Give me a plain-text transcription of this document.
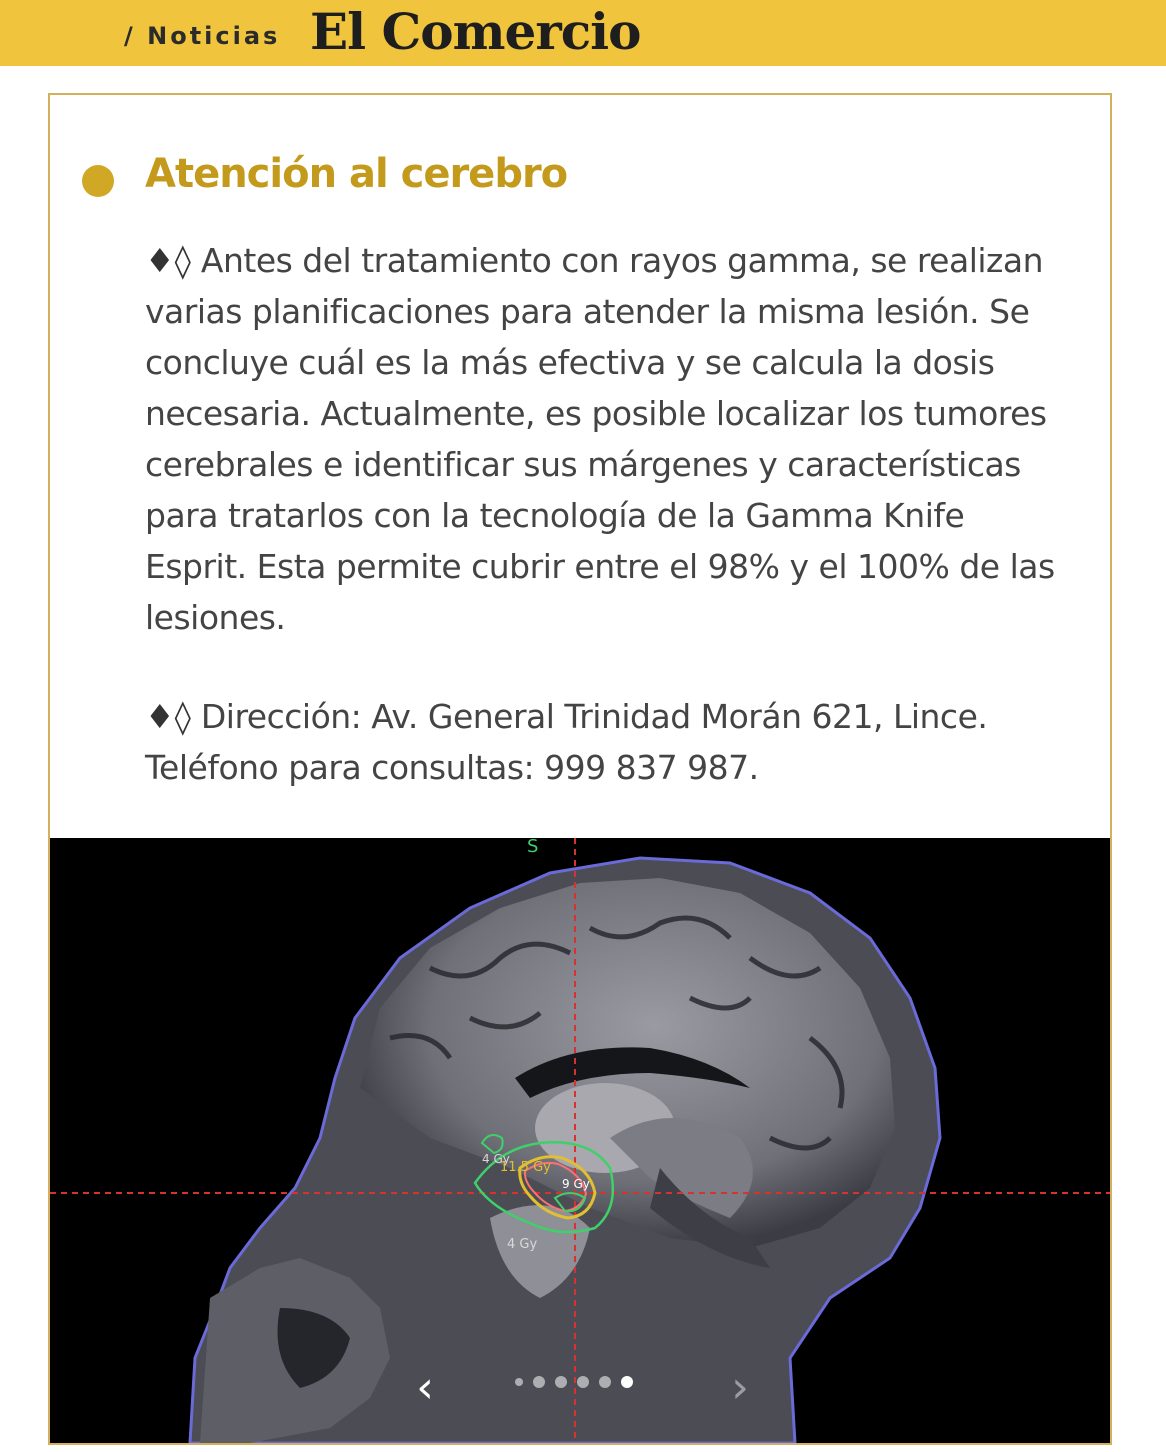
/ Noticias El Comercio
Atención al cerebro
♦◊ Antes del tratamiento con rayos gamma, se realizan varias planificaciones para atender la misma lesión. Se concluye cuál es la más efectiva y se calcula la dosis necesaria. Actualmente, es posible localizar los tumores cerebrales e identificar sus márgenes y características para tratarlos con la tecnología de la Gamma Knife Esprit. Esta permite cubrir entre el 98% y el 100% de las lesiones.
♦◊ Dirección: Av. General Trinidad Morán 621, Lince. Teléfono para consultas: 999 837 987.
S
4 Gy
11.5 Gy
9 Gy
4 Gy
‹	›
